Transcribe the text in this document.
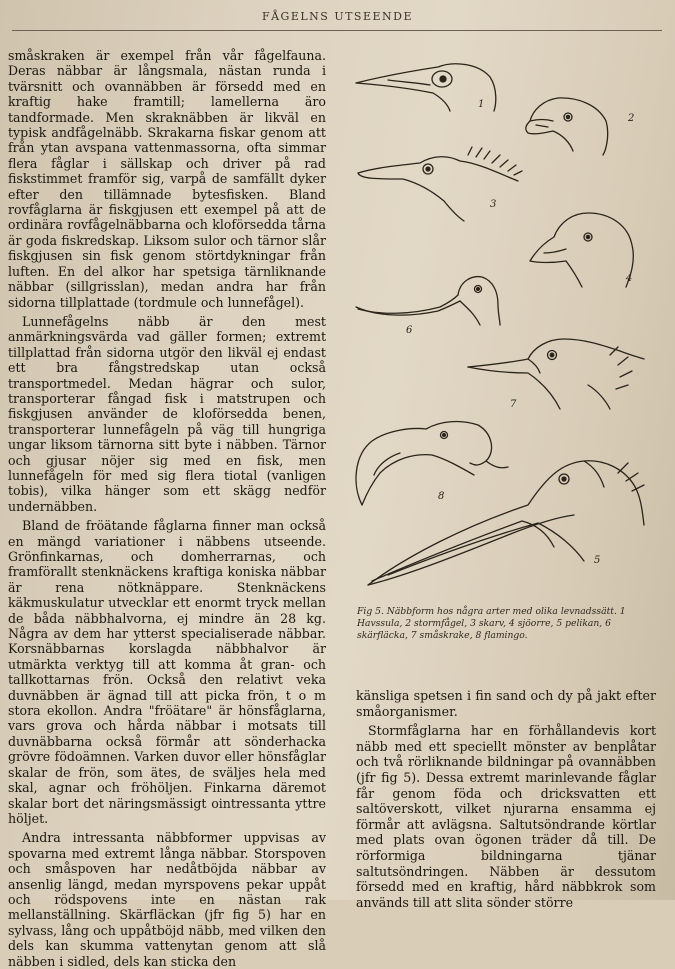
FÅGELNS UTSEENDE

småskraken är exempel från vår fågelfauna. Deras näbbar är långsmala, nästan runda i tvärsnitt och ovannäbben är försedd med en kraftig hake framtill; lamellerna äro tandformade. Men skraknäbben är likväl en typisk andfågelnäbb. Skrakarna fiskar genom att från ytan avspana vattenmassorna, ofta simmar flera fåglar i sällskap och driver på rad fiskstimmet framför sig, varpå de samfällt dyker efter den tillämnade bytesfisken. Bland rovfåglarna är fiskgjusen ett exempel på att de ordinära rovfågelnäbbarna och kloförsedda tårna är goda fiskredskap. Liksom sulor och tärnor slår fiskgjusen sin fisk genom störtdykningar från luften. En del alkor har spetsiga tärnliknande näbbar (sillgrisslan), medan andra har från sidorna tillplattade (tordmule och lunnefågel).

Lunnefågelns näbb är den mest anmärkningsvärda vad gäller formen; extremt tillplattad från sidorna utgör den likväl ej endast ett bra fångstredskap utan också transportmedel. Medan hägrar och sulor, transporterar fångad fisk i matstrupen och fiskgjusen använder de kloförsedda benen, transporterar lunnefågeln på väg till hungriga ungar liksom tärnorna sitt byte i näbben. Tärnor och gjusar nöjer sig med en fisk, men lunnefågeln för med sig flera tiotal (vanligen tobis), vilka hänger som ett skägg nedför undernäbben.

Bland de fröätande fåglarna finner man också en mängd variationer i näbbens utseende. Grönfinkarnas, och domherrarnas, och framförallt stenknäckens kraftiga koniska näbbar är rena nötknäppare. Stenknäckens käkmuskulatur utvecklar ett enormt tryck mellan de båda näbbhalvorna, ej mindre än 28 kg. Några av dem har ytterst specialiserade näbbar. Korsnäbbarnas korslagda näbbhalvor är utmärkta verktyg till att komma åt gran- och tallkottarnas frön. Också den relativt veka duvnäbben är ägnad till att picka frön, t o m stora ekollon. Andra "fröätare" är hönsfåglarna, vars grova och hårda näbbar i motsats till duvnäbbarna också förmår att sönderhacka grövre födoämnen. Varken duvor eller hönsfåglar skalar de frön, som ätes, de sväljes hela med skal, agnar och fröhöljen. Finkarna däremot skalar bort det näringsmässigt ointressanta yttre höljet.

Andra intressanta näbbformer uppvisas av spovarna med extremt långa näbbar. Storspoven och småspoven har nedåtböjda näbbar av ansenlig längd, medan myrspovens pekar uppåt och rödspovens inte en nästan rak mellanställning. Skärfläckan (jfr fig 5) har en sylvass, lång och uppåtböjd näbb, med vilken den dels kan skumma vattenytan genom att slå näbben i sidled, dels kan sticka den

1
2
3
4
6
7
8
5
Fig 5. Näbbform hos några arter med olika levnadssätt. 1 Havssula, 2 stormfågel, 3 skarv, 4 sjöorre, 5 pelikan, 6 skärfläcka, 7 småskrake, 8 flamingo.

känsliga spetsen i fin sand och dy på jakt efter småorganismer.

Stormfåglarna har en förhållandevis kort näbb med ett speciellt mönster av benplåtar och två rörliknande bildningar på ovannäbben (jfr fig 5). Dessa extremt marinlevande fåglar får genom föda och dricksvatten ett saltöverskott, vilket njurarna ensamma ej förmår att avlägsna. Saltutsöndrande körtlar med plats ovan ögonen träder då till. De rörformiga bildningarna tjänar saltutsöndringen. Näbben är dessutom försedd med en kraftig, hård näbbkrok som används till att slita sönder större
